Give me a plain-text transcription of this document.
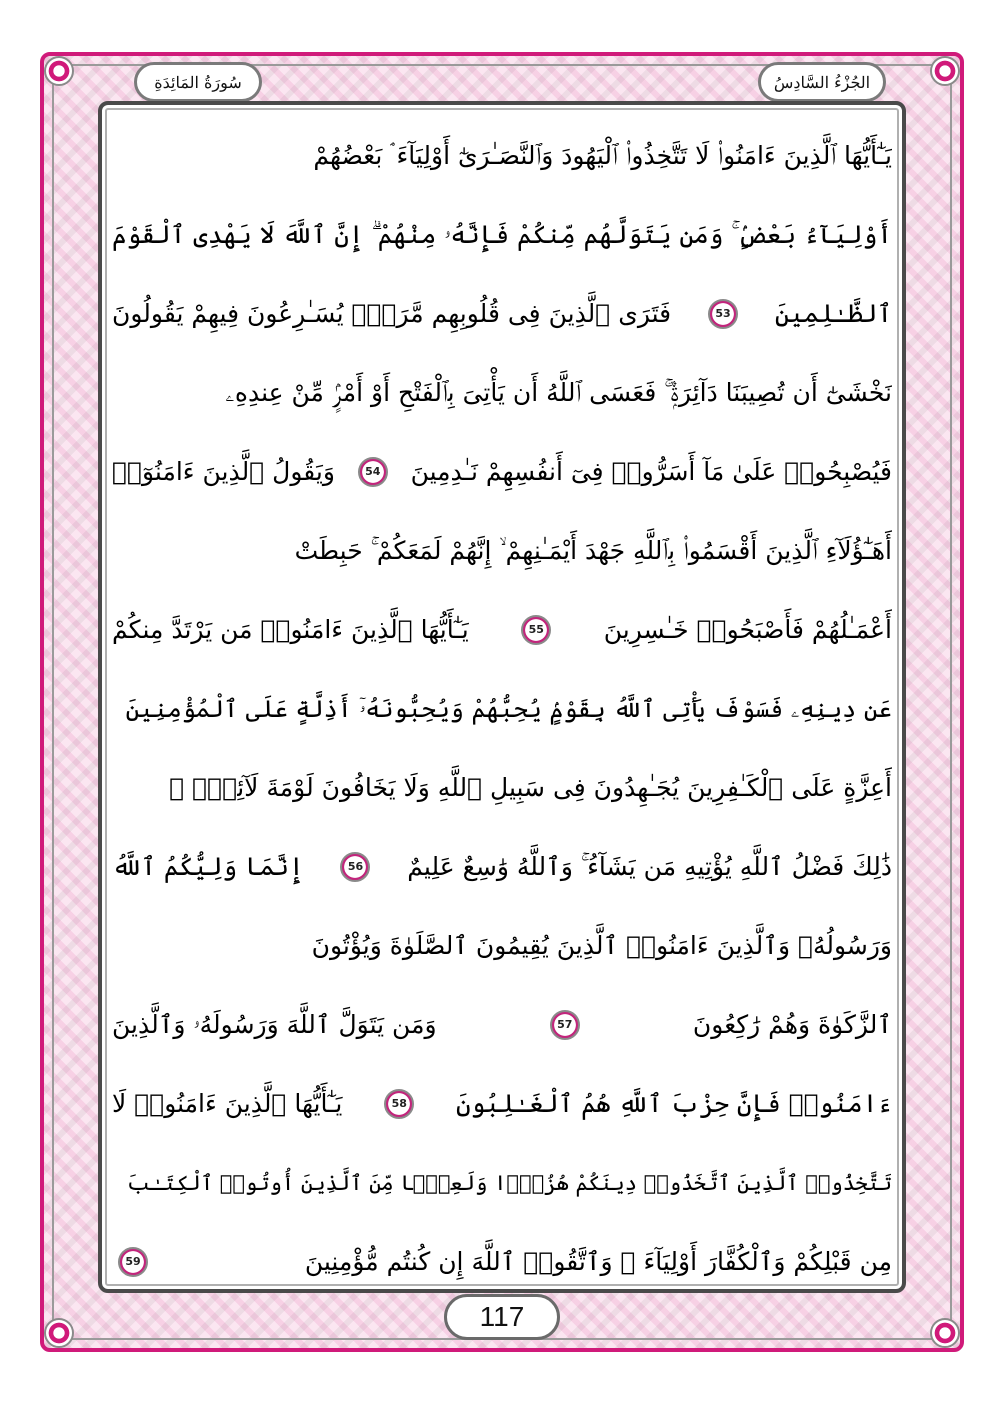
الجُزْءُ السَّادِسُ
سُورَةُ المَائِدَةِ
يَـٰٓأَيُّهَا ٱلَّذِينَ ءَامَنُوا۟ لَا تَتَّخِذُوا۟ ٱلْيَهُودَ وَٱلنَّصَـٰرَىٰٓ أَوْلِيَآءَ ۘ بَعْضُهُمْ
أَوْلِيَآءُ بَعْضٍۢ ۚ وَمَن يَتَوَلَّهُم مِّنكُمْ فَإِنَّهُۥ مِنْهُمْ ۗ إِنَّ ٱللَّهَ لَا يَهْدِى ٱلْقَوْمَ
ٱلظَّـٰلِمِينَ
53
فَتَرَى ٱلَّذِينَ فِى قُلُوبِهِم مَّرَضٌۭ يُسَـٰرِعُونَ فِيهِمْ يَقُولُونَ
نَخْشَىٰٓ أَن تُصِيبَنَا دَآئِرَةٌۭ ۚ فَعَسَى ٱللَّهُ أَن يَأْتِىَ بِٱلْفَتْحِ أَوْ أَمْرٍۢ مِّنْ عِندِهِۦ
فَيُصْبِحُوا۟ عَلَىٰ مَآ أَسَرُّوا۟ فِىٓ أَنفُسِهِمْ نَـٰدِمِينَ
54
وَيَقُولُ ٱلَّذِينَ ءَامَنُوٓا۟
أَهَـٰٓؤُلَآءِ ٱلَّذِينَ أَقْسَمُوا۟ بِٱللَّهِ جَهْدَ أَيْمَـٰنِهِمْ ۙ إِنَّهُمْ لَمَعَكُمْ ۚ حَبِطَتْ
أَعْمَـٰلُهُمْ فَأَصْبَحُوا۟ خَـٰسِرِينَ
55
يَـٰٓأَيُّهَا ٱلَّذِينَ ءَامَنُوا۟ مَن يَرْتَدَّ مِنكُمْ
عَن دِينِهِۦ فَسَوْفَ يَأْتِى ٱللَّهُ بِقَوْمٍۢ يُحِبُّهُمْ وَيُحِبُّونَهُۥٓ أَذِلَّةٍ عَلَى ٱلْمُؤْمِنِينَ
أَعِزَّةٍ عَلَى ٱلْكَـٰفِرِينَ يُجَـٰهِدُونَ فِى سَبِيلِ ٱللَّهِ وَلَا يَخَافُونَ لَوْمَةَ لَآئِمٍۢ ۚ
ذَٰلِكَ فَضْلُ ٱللَّهِ يُؤْتِيهِ مَن يَشَآءُ ۚ وَٱللَّهُ وَٰسِعٌ عَلِيمٌ
56
إِنَّمَا وَلِيُّكُمُ ٱللَّهُ
وَرَسُولُهُۥ وَٱلَّذِينَ ءَامَنُوا۟ ٱلَّذِينَ يُقِيمُونَ ٱلصَّلَوٰةَ وَيُؤْتُونَ
ٱلزَّكَوٰةَ وَهُمْ رَٰكِعُونَ
57
وَمَن يَتَوَلَّ ٱللَّهَ وَرَسُولَهُۥ وَٱلَّذِينَ
ءَامَنُوا۟ فَإِنَّ حِزْبَ ٱللَّهِ هُمُ ٱلْغَـٰلِبُونَ
58
يَـٰٓأَيُّهَا ٱلَّذِينَ ءَامَنُوا۟ لَا
تَتَّخِذُوا۟ ٱلَّذِينَ ٱتَّخَذُوا۟ دِينَكُمْ هُزُوًۭا وَلَعِبًۭا مِّنَ ٱلَّذِينَ أُوتُوا۟ ٱلْكِتَـٰبَ
مِن قَبْلِكُمْ وَٱلْكُفَّارَ أَوْلِيَآءَ ۚ وَٱتَّقُوا۟ ٱللَّهَ إِن كُنتُم مُّؤْمِنِينَ
59
117
